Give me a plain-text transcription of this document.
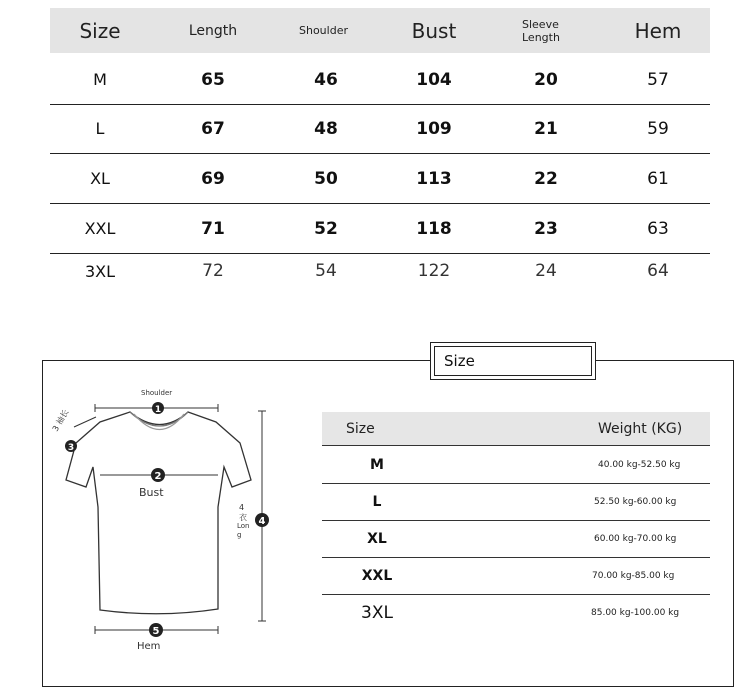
Size	Length	Shoulder	Bust	Sleeve Length	Hem
M	65	46	104	20	57
L	67	48	109	21	59
XL	69	50	113	22	61
XXL	71	52	118	23	63
3XL	72	54	122	24	64
Size
1
2
3
4
5
Shoulder
Bust
Hem
3 袖长
4 衣
Lon g
Size	Weight (KG)
M	40.00 kg-52.50 kg
L	52.50 kg-60.00 kg
XL	60.00 kg-70.00 kg
XXL	70.00 kg-85.00 kg
3XL	85.00 kg-100.00 kg
